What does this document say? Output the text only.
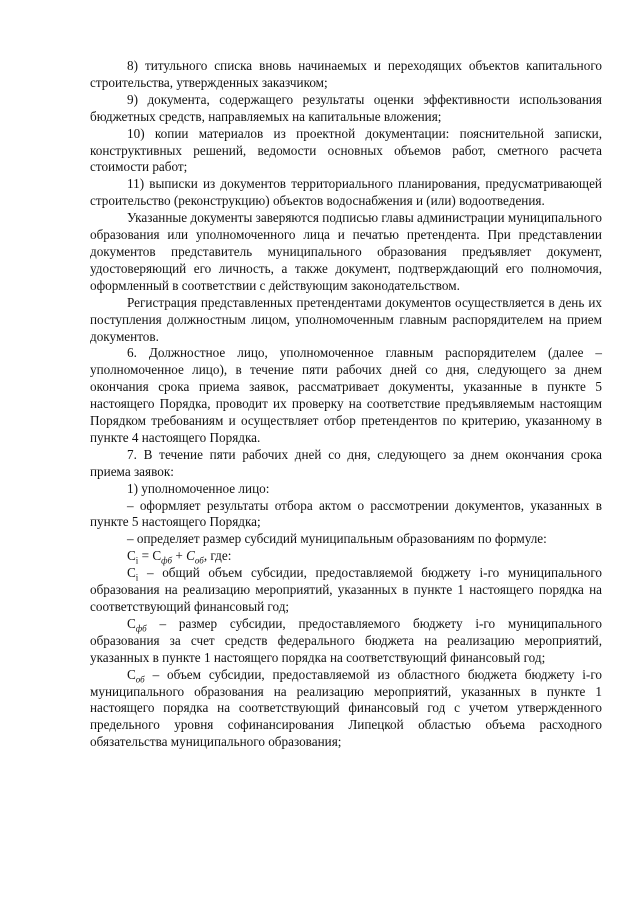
8) титульного списка вновь начинаемых и переходящих объектов капитального строительства, утвержденных заказчиком;

9) документа, содержащего результаты оценки эффективности использования бюджетных средств, направляемых на капитальные вложения;

10) копии материалов из проектной документации: пояснительной записки, конструктивных решений, ведомости основных объемов работ, сметного расчета стоимости работ;

11) выписки из документов территориального планирования, предусматривающей строительство (реконструкцию) объектов водоснабжения и (или) водоотведения.

Указанные документы заверяются подписью главы администрации муниципального образования или уполномоченного лица и печатью претендента. При представлении документов представитель муниципального образования предъявляет документ, удостоверяющий его личность, а также документ, подтверждающий его полномочия, оформленный в соответствии с действующим законодательством.

Регистрация представленных претендентами документов осуществляется в день их поступления должностным лицом, уполномоченным главным распорядителем на прием документов.

6. Должностное лицо, уполномоченное главным распорядителем (далее – уполномоченное лицо), в течение пяти рабочих дней со дня, следующего за днем окончания срока приема заявок, рассматривает документы, указанные в пункте 5 настоящего Порядка, проводит их проверку на соответствие предъявляемым настоящим Порядком требованиям и осуществляет отбор претендентов по критерию, указанному в пункте 4 настоящего Порядка.

7. В течение пяти рабочих дней со дня, следующего за днем окончания срока приема заявок:

1) уполномоченное лицо:

– оформляет результаты отбора актом о рассмотрении документов, указанных в пункте 5 настоящего Порядка;

– определяет размер субсидий муниципальным образованиям по формуле:

$С_i = С_{фб} + С_{об}$, где:

$С_i$ – общий объем субсидии, предоставляемой бюджету i-го муниципального образования на реализацию мероприятий, указанных в пункте 1 настоящего порядка на соответствующий финансовый год;

$С_{фб}$ – размер субсидии, предоставляемого бюджету i-го муниципального образования за счет средств федерального бюджета на реализацию мероприятий, указанных в пункте 1 настоящего порядка на соответствующий финансовый год;

$С_{об}$ – объем субсидии, предоставляемой из областного бюджета бюджету i-го муниципального образования на реализацию мероприятий, указанных в пункте 1 настоящего порядка на соответствующий финансовый год с учетом утвержденного предельного уровня софинансирования Липецкой областью объема расходного обязательства муниципального образования;
